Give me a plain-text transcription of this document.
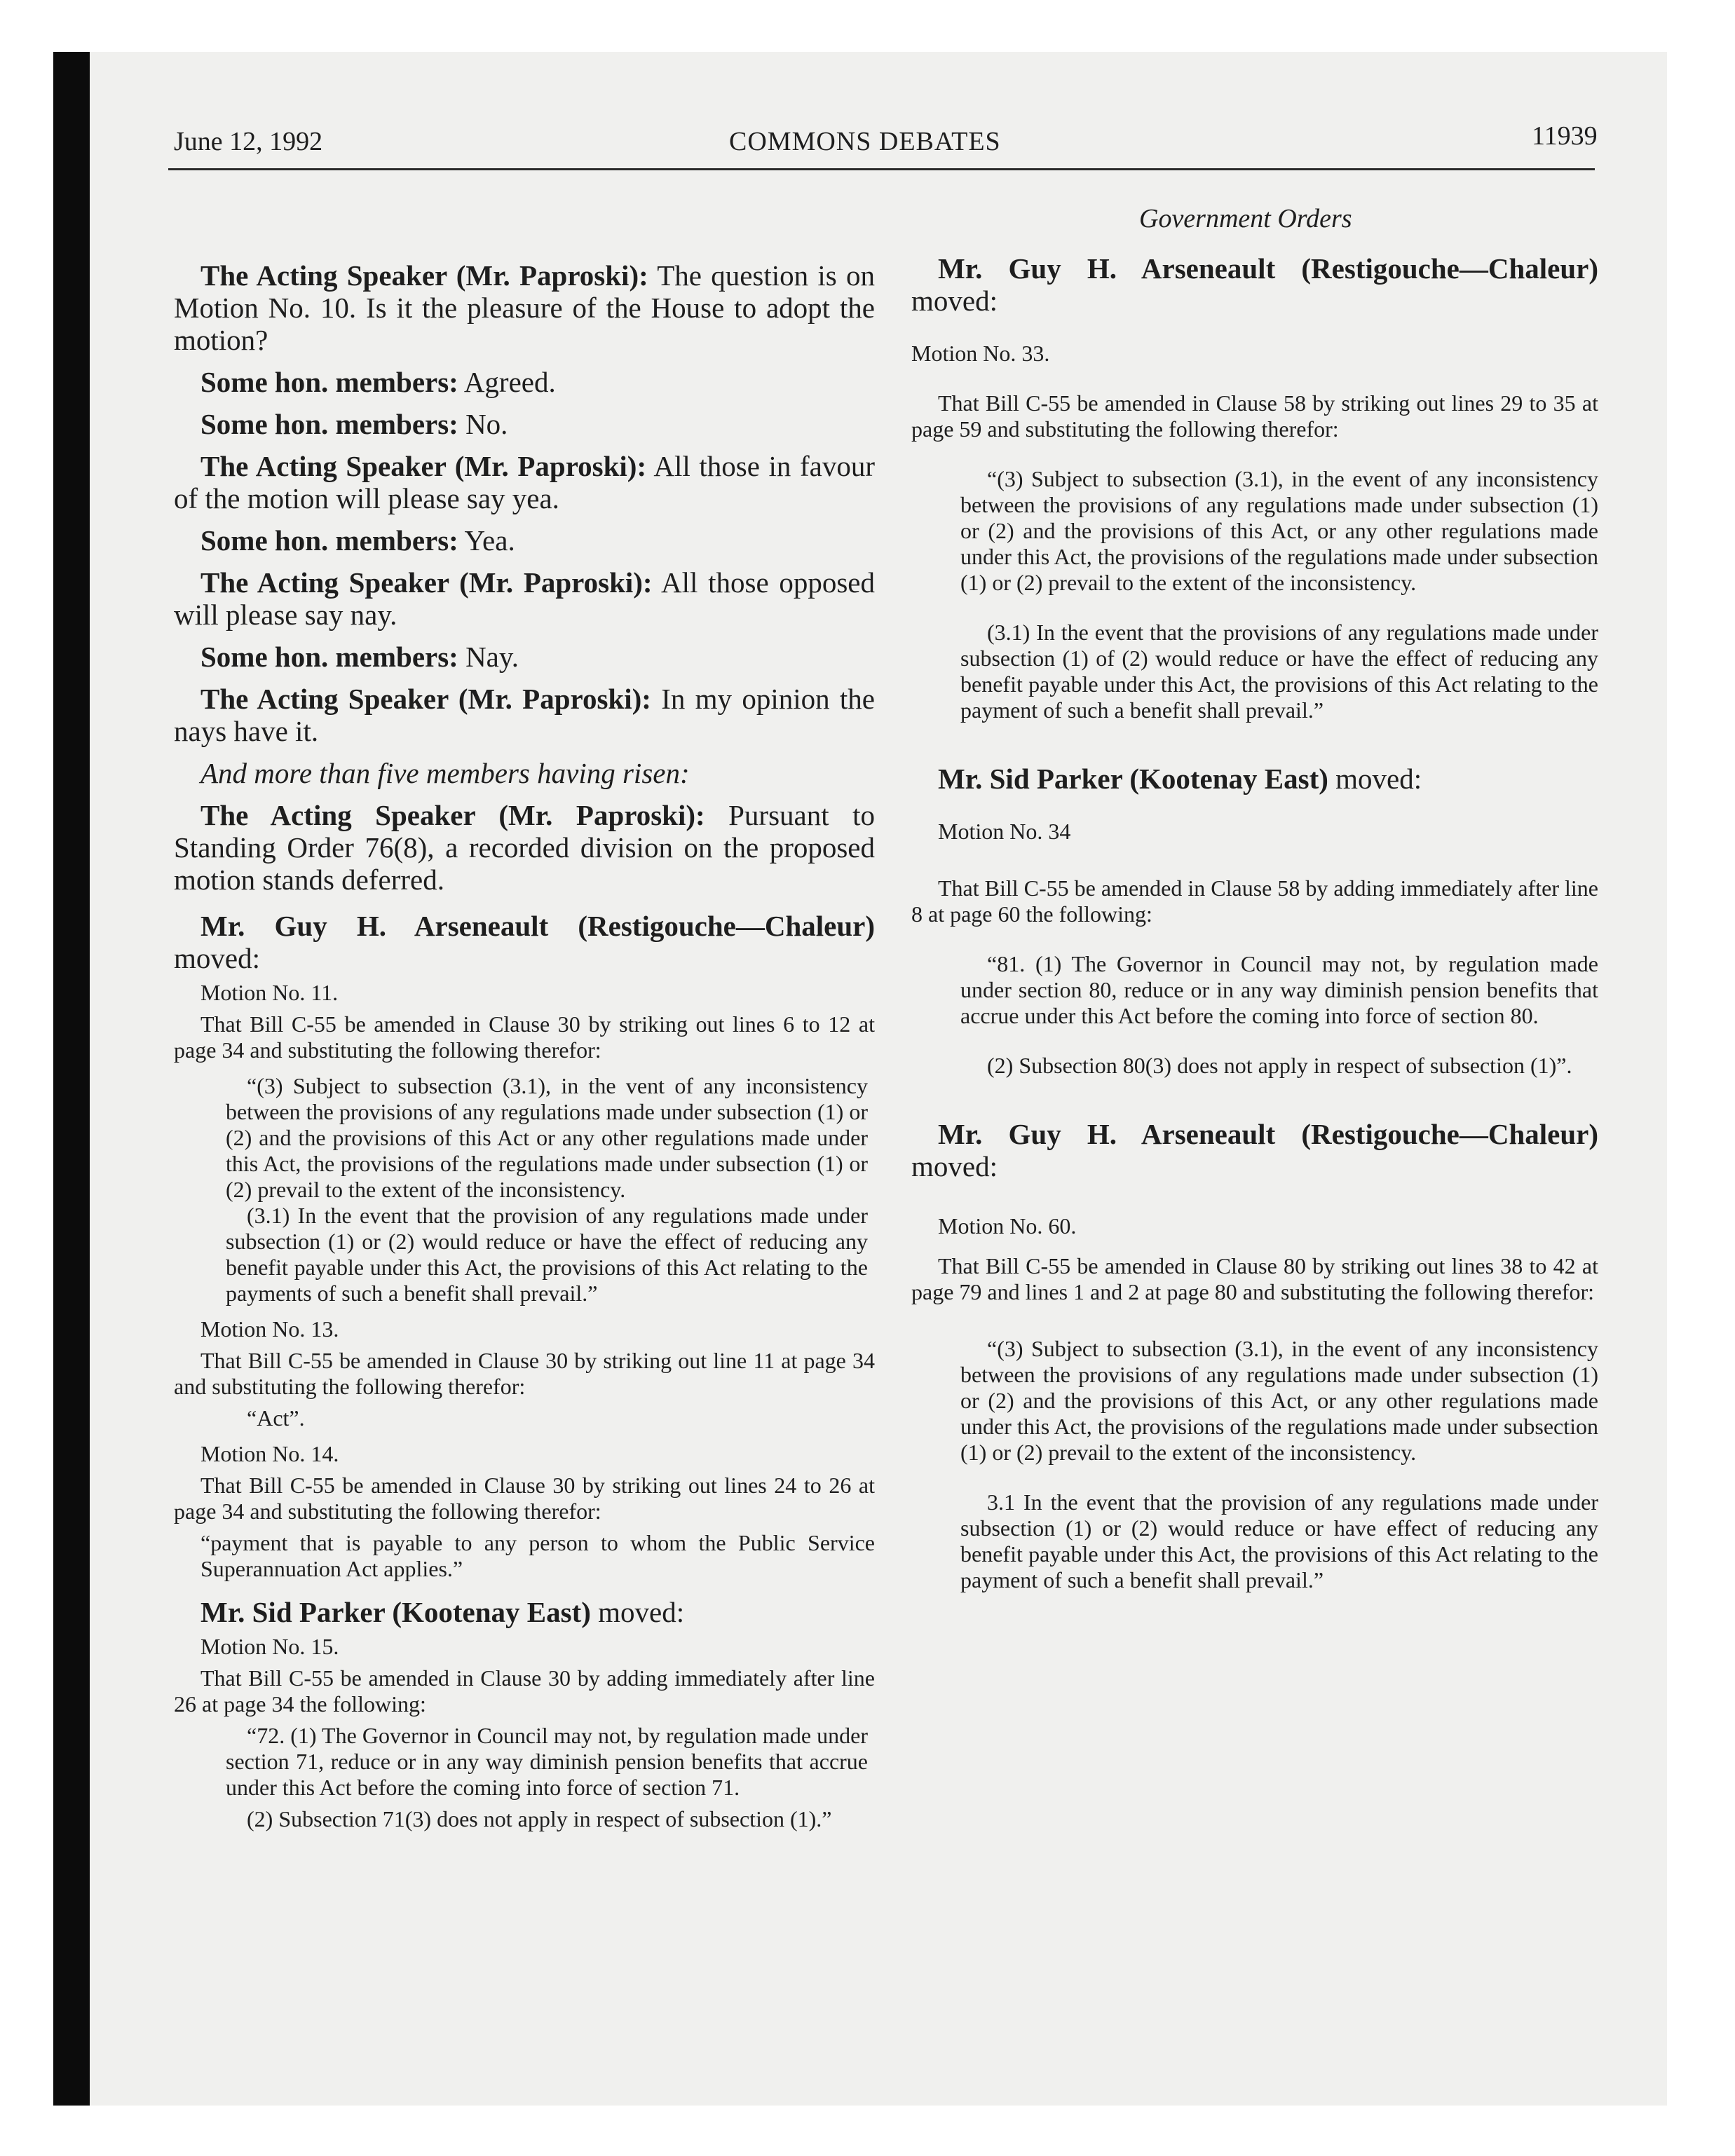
June 12, 1992	COMMONS DEBATES	11939
Government Orders

The Acting Speaker (Mr. Paproski): The question is on Motion No. 10. Is it the pleasure of the House to adopt the motion?

Some hon. members: Agreed.

Some hon. members: No.

The Acting Speaker (Mr. Paproski): All those in favour of the motion will please say yea.

Some hon. members: Yea.

The Acting Speaker (Mr. Paproski): All those opposed will please say nay.

Some hon. members: Nay.

The Acting Speaker (Mr. Paproski): In my opinion the nays have it.

And more than five members having risen:

The Acting Speaker (Mr. Paproski): Pursuant to Standing Order 76(8), a recorded division on the proposed motion stands deferred.

Mr. Guy H. Arseneault (Restigouche—Chaleur) moved:

Motion No. 11.

That Bill C-55 be amended in Clause 30 by striking out lines 6 to 12 at page 34 and substituting the following therefor:

“(3) Subject to subsection (3.1), in the vent of any inconsistency between the provisions of any regulations made under subsection (1) or (2) and the provisions of this Act or any other regulations made under this Act, the provisions of the regulations made under subsection (1) or (2) prevail to the extent of the inconsistency.

(3.1) In the event that the provision of any regulations made under subsection (1) or (2) would reduce or have the effect of reducing any benefit payable under this Act, the provisions of this Act relating to the payments of such a benefit shall prevail.”

Motion No. 13.

That Bill C-55 be amended in Clause 30 by striking out line 11 at page 34 and substituting the following therefor:

“Act”.

Motion No. 14.

That Bill C-55 be amended in Clause 30 by striking out lines 24 to 26 at page 34 and substituting the following therefor:

“payment that is payable to any person to whom the Public Service Superannuation Act applies.”

Mr. Sid Parker (Kootenay East) moved:

Motion No. 15.

That Bill C-55 be amended in Clause 30 by adding immediately after line 26 at page 34 the following:

“72. (1) The Governor in Council may not, by regulation made under section 71, reduce or in any way diminish pension benefits that accrue under this Act before the coming into force of section 71.

(2) Subsection 71(3) does not apply in respect of subsection (1).”

Mr. Guy H. Arseneault (Restigouche—Chaleur) moved:

Motion No. 33.

That Bill C-55 be amended in Clause 58 by striking out lines 29 to 35 at page 59 and substituting the following therefor:

“(3) Subject to subsection (3.1), in the event of any inconsistency between the provisions of any regulations made under subsection (1) or (2) and the provisions of this Act, or any other regulations made under this Act, the provisions of the regulations made under subsection (1) or (2) prevail to the extent of the inconsistency.

(3.1) In the event that the provisions of any regulations made under subsection (1) of (2) would reduce or have the effect of reducing any benefit payable under this Act, the provisions of this Act relating to the payment of such a benefit shall prevail.”

Mr. Sid Parker (Kootenay East) moved:

Motion No. 34

That Bill C-55 be amended in Clause 58 by adding immediately after line 8 at page 60 the following:

“81. (1) The Governor in Council may not, by regulation made under section 80, reduce or in any way diminish pension benefits that accrue under this Act before the coming into force of section 80.

(2) Subsection 80(3) does not apply in respect of subsection (1)”.

Mr. Guy H. Arseneault (Restigouche—Chaleur) moved:

Motion No. 60.

That Bill C-55 be amended in Clause 80 by striking out lines 38 to 42 at page 79 and lines 1 and 2 at page 80 and substituting the following therefor:

“(3) Subject to subsection (3.1), in the event of any inconsistency between the provisions of any regulations made under subsection (1) or (2) and the provisions of this Act, or any other regulations made under this Act, the provisions of the regulations made under subsection (1) or (2) prevail to the extent of the inconsistency.

3.1 In the event that the provision of any regulations made under subsection (1) or (2) would reduce or have effect of reducing any benefit payable under this Act, the provisions of this Act relating to the payment of such a benefit shall prevail.”
